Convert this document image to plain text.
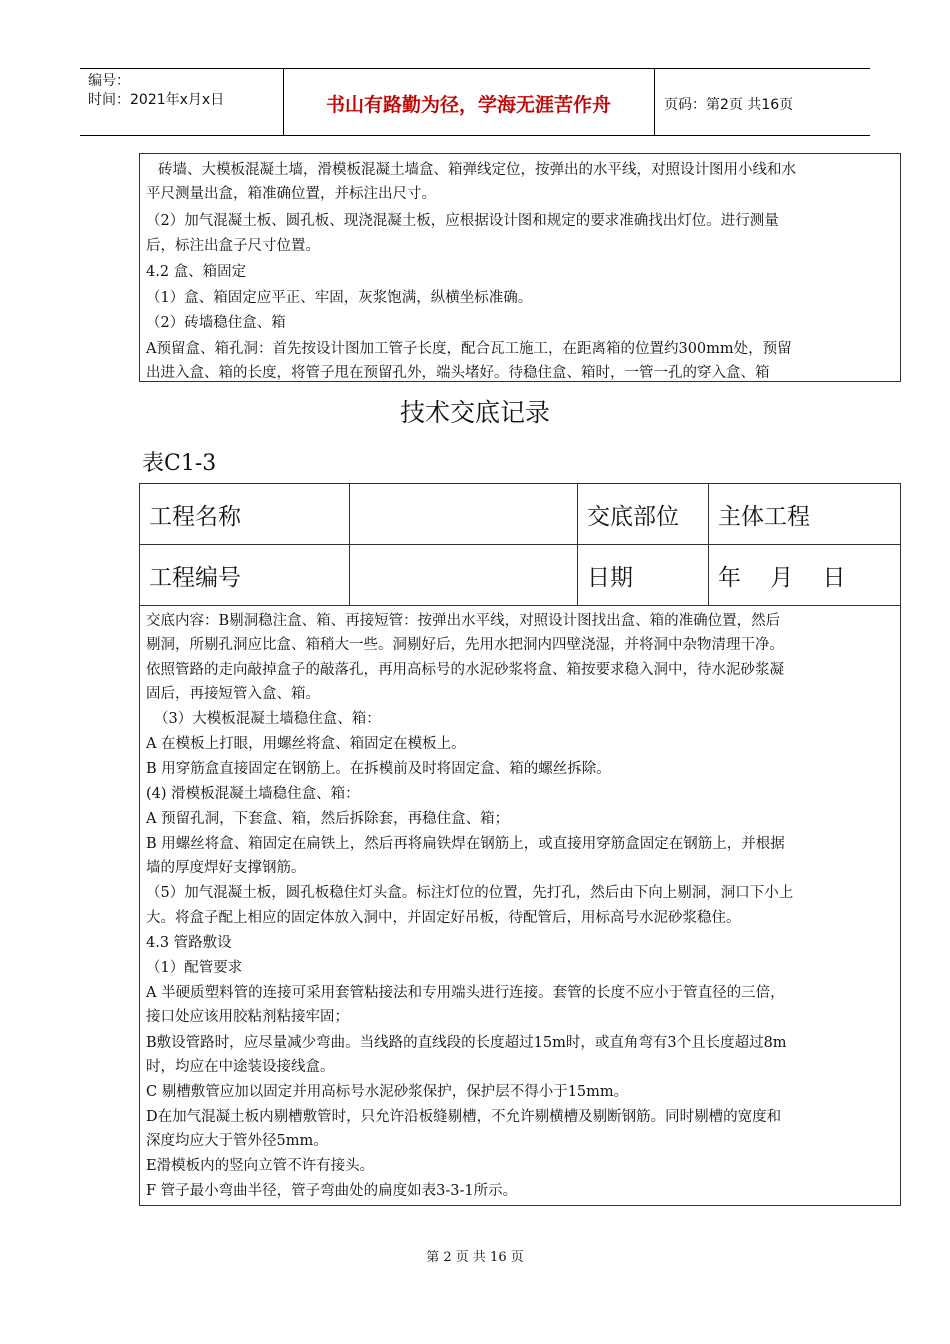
编号：
时间：2021年x月x日	书山有路勤为径，学海无涯苦作舟	页码：第2页 共16页
砖墙、大模板混凝土墙，滑模板混凝土墙盒、箱弹线定位，按弹出的水平线，对照设计图用小线和水
平尺测量出盒，箱准确位置，并标注出尺寸。
（2）加气混凝土板、圆孔板、现浇混凝土板，应根据设计图和规定的要求准确找出灯位。进行测量
后，标注出盒子尺寸位置。
4.2 盒、箱固定
（1）盒、箱固定应平正、牢固，灰浆饱满，纵横坐标准确。
（2）砖墙稳住盒、箱
A预留盒、箱孔洞：首先按设计图加工管子长度，配合瓦工施工，在距离箱的位置约300mm处，预留
出进入盒、箱的长度，将管子甩在预留孔外，端头堵好。待稳住盒、箱时，一管一孔的穿入盒、箱
技术交底记录
表C1-3
工程名称		交底部位	主体工程
工程编号		日期	年    月    日
交底内容：B剔洞稳注盒、箱、再接短管：按弹出水平线，对照设计图找出盒、箱的准确位置，然后
剔洞，所剔孔洞应比盒、箱稍大一些。洞剔好后，先用水把洞内四壁浇湿，并将洞中杂物清理干净。
依照管路的走向敲掉盒子的敲落孔，再用高标号的水泥砂浆将盒、箱按要求稳入洞中，待水泥砂浆凝
固后，再接短管入盒、箱。
（3）大模板混凝土墙稳住盒、箱：
A 在模板上打眼，用螺丝将盒、箱固定在模板上。
B 用穿筋盒直接固定在钢筋上。在拆模前及时将固定盒、箱的螺丝拆除。
(4) 滑模板混凝土墙稳住盒、箱：
A 预留孔洞，下套盒、箱，然后拆除套，再稳住盒、箱；
B 用螺丝将盒、箱固定在扁铁上，然后再将扁铁焊在钢筋上，或直接用穿筋盒固定在钢筋上，并根据
墙的厚度焊好支撑钢筋。
（5）加气混凝土板，圆孔板稳住灯头盒。标注灯位的位置，先打孔，然后由下向上剔洞，洞口下小上
大。将盒子配上相应的固定体放入洞中，并固定好吊板，待配管后，用标高号水泥砂浆稳住。
4.3 管路敷设
（1）配管要求
A 半硬质塑料管的连接可采用套管粘接法和专用端头进行连接。套管的长度不应小于管直径的三倍，
接口处应该用胶粘剂粘接牢固；
B敷设管路时，应尽量减少弯曲。当线路的直线段的长度超过15m时，或直角弯有3个且长度超过8m
时，均应在中途装设接线盒。
C 剔槽敷管应加以固定并用高标号水泥砂浆保护，保护层不得小于15mm。
D在加气混凝土板内剔槽敷管时，只允许沿板缝剔槽，不允许剔横槽及剔断钢筋。同时剔槽的宽度和
深度均应大于管外径5mm。
E滑模板内的竖向立管不许有接头。
F 管子最小弯曲半径，管子弯曲处的扁度如表3-3-1所示。
第 2 页 共 16 页
